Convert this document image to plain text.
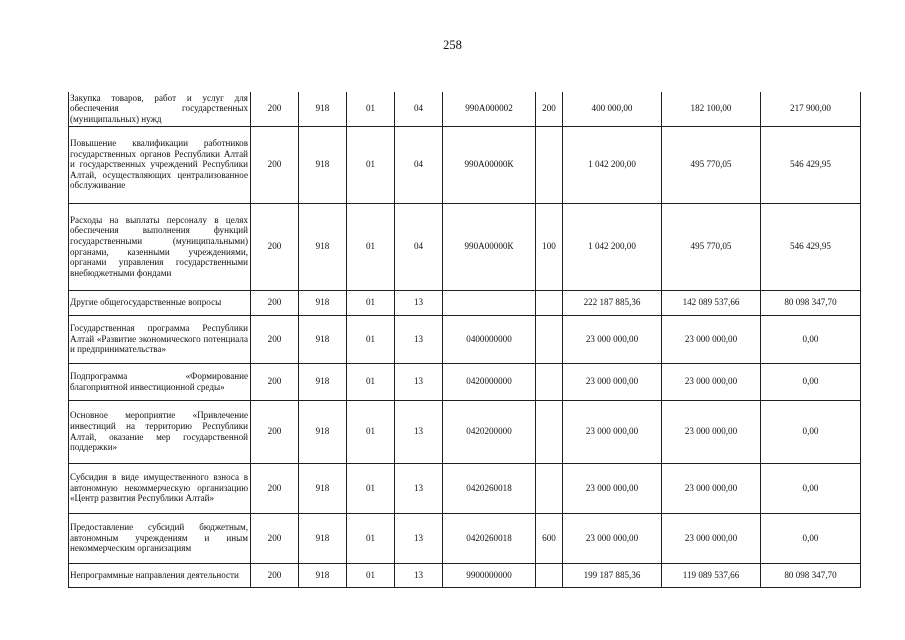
258
Закупка товаров, работ и услуг для обеспечения государственных (муниципальных) нужд	200	918	01	04	990А000002	200	400 000,00	182 100,00	217 900,00
Повышение квалификации работников государственных органов Республики Алтай и государственных учреждений Республики Алтай, осуществляющих централизованное обслуживание	200	918	01	04	990А00000К		1 042 200,00	495 770,05	546 429,95
Расходы на выплаты персоналу в целях обеспечения выполнения функций государственными (муниципальными) органами, казенными учреждениями, органами управления государственными внебюджетными фондами	200	918	01	04	990А00000К	100	1 042 200,00	495 770,05	546 429,95
Другие общегосударственные вопросы	200	918	01	13			222 187 885,36	142 089 537,66	80 098 347,70
Государственная программа Республики Алтай «Развитие экономического потенциала и предпринимательства»	200	918	01	13	0400000000		23 000 000,00	23 000 000,00	0,00
Подпрограмма «Формирование благоприятной инвестиционной среды»	200	918	01	13	0420000000		23 000 000,00	23 000 000,00	0,00
Основное мероприятие «Привлечение инвестиций на территорию Республики Алтай, оказание мер государственной поддержки»	200	918	01	13	0420200000		23 000 000,00	23 000 000,00	0,00
Субсидия в виде имущественного взноса в автономную некоммерческую организацию «Центр развития Республики Алтай»	200	918	01	13	0420260018		23 000 000,00	23 000 000,00	0,00
Предоставление субсидий бюджетным, автономным учреждениям и иным некоммерческим организациям	200	918	01	13	0420260018	600	23 000 000,00	23 000 000,00	0,00
Непрограммные направления деятельности	200	918	01	13	9900000000		199 187 885,36	119 089 537,66	80 098 347,70
